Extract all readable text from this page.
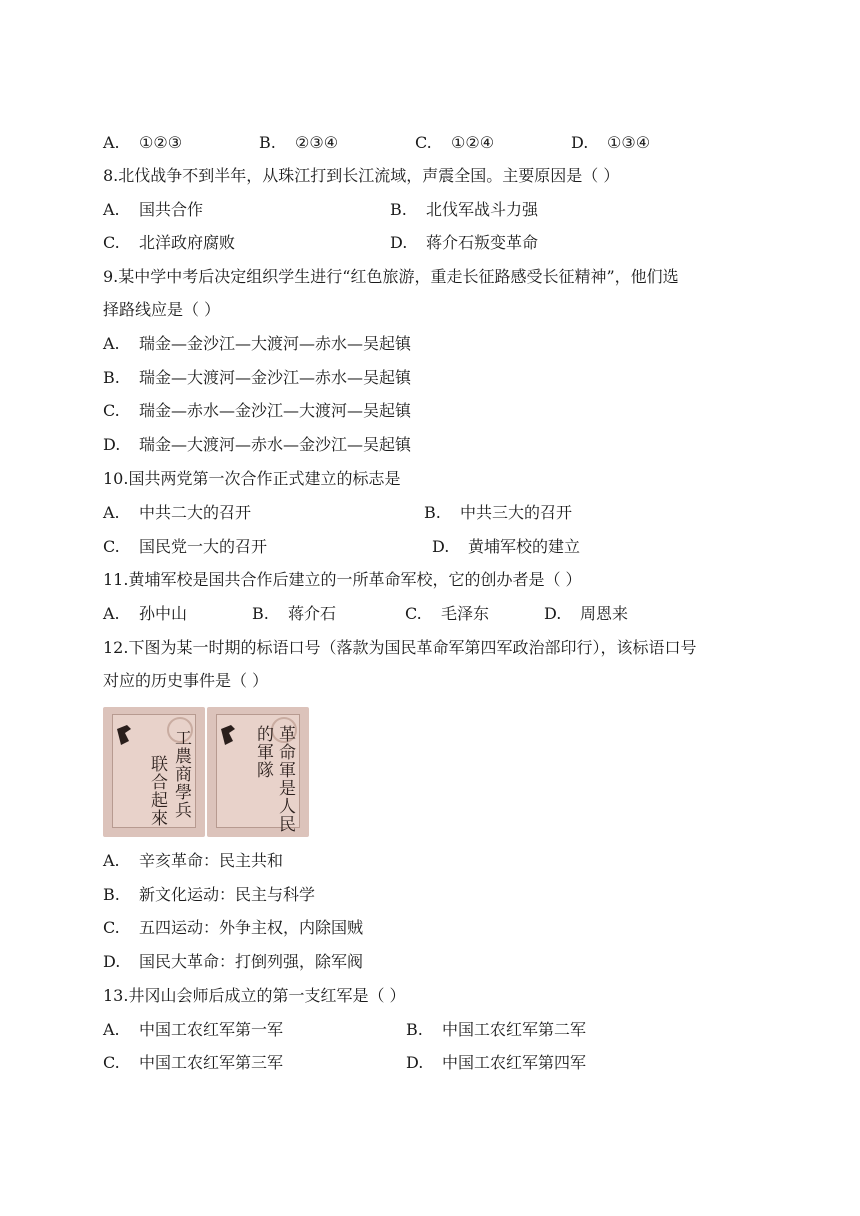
A. ①②③	B. ②③④	C. ①②④	D. ①③④
8.北伐战争不到半年，从珠江打到长江流域，声震全国。主要原因是（ ）
A. 国共合作	B. 北伐军战斗力强
C. 北洋政府腐败	D. 蒋介石叛变革命
9.某中学中考后决定组织学生进行“红色旅游，重走长征路感受长征精神”，他们选
择路线应是（ ）
A. 瑞金—金沙江—大渡河—赤水—吴起镇
B. 瑞金—大渡河—金沙江—赤水—吴起镇
C. 瑞金—赤水—金沙江—大渡河—吴起镇
D. 瑞金—大渡河—赤水—金沙江—吴起镇
10.国共两党第一次合作正式建立的标志是
A. 中共二大的召开	B. 中共三大的召开
C. 国民党一大的召开	D. 黄埔军校的建立
11.黄埔军校是国共合作后建立的一所革命军校，它的创办者是（ ）
A. 孙中山	B. 蒋介石	C. 毛泽东	D. 周恩来
12.下图为某一时期的标语口号（落款为国民革命军第四军政治部印行），该标语口号
对应的历史事件是（ ）
工農商學兵
联合起來	革命軍是人民
的軍隊
A. 辛亥革命：民主共和
B. 新文化运动：民主与科学
C. 五四运动：外争主权，内除国贼
D. 国民大革命：打倒列强，除军阀
13.井冈山会师后成立的第一支红军是（ ）
A. 中国工农红军第一军	B. 中国工农红军第二军
C. 中国工农红军第三军	D. 中国工农红军第四军
